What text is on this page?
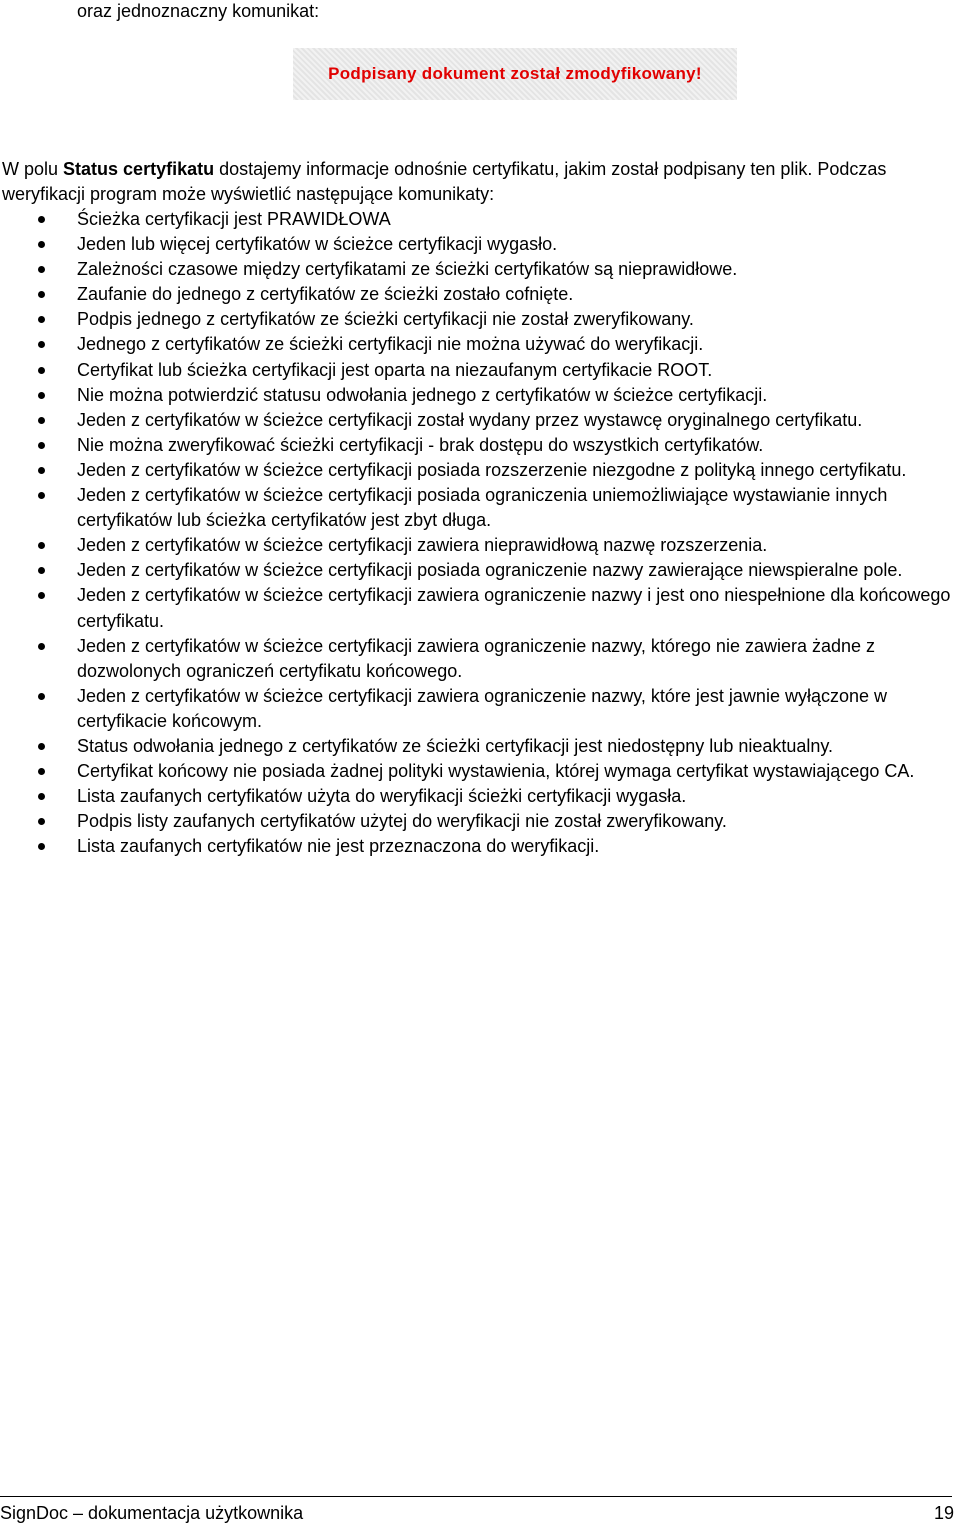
oraz jednoznaczny komunikat:
Podpisany dokument został zmodyfikowany!
W polu Status certyfikatu dostajemy informacje odnośnie certyfikatu, jakim został podpisany ten plik. Podczas weryfikacji program może wyświetlić następujące komunikaty:
Ścieżka certyfikacji jest PRAWIDŁOWA
Jeden lub więcej certyfikatów w ścieżce certyfikacji wygasło.
Zależności czasowe między certyfikatami ze ścieżki certyfikatów są nieprawidłowe.
Zaufanie do jednego z certyfikatów ze ścieżki zostało cofnięte.
Podpis jednego z certyfikatów ze ścieżki certyfikacji nie został zweryfikowany.
Jednego z certyfikatów ze ścieżki certyfikacji nie można używać do weryfikacji.
Certyfikat lub ścieżka certyfikacji jest oparta na niezaufanym certyfikacie ROOT.
Nie można potwierdzić statusu odwołania jednego z certyfikatów w ścieżce certyfikacji.
Jeden z certyfikatów w ścieżce certyfikacji został wydany przez wystawcę oryginalnego certyfikatu.
Nie można zweryfikować ścieżki certyfikacji - brak dostępu do wszystkich certyfikatów.
Jeden z certyfikatów w ścieżce certyfikacji posiada rozszerzenie niezgodne z polityką innego certyfikatu.
Jeden z certyfikatów w ścieżce certyfikacji posiada ograniczenia uniemożliwiające wystawianie innych certyfikatów lub ścieżka certyfikatów jest zbyt długa.
Jeden z certyfikatów w ścieżce certyfikacji zawiera nieprawidłową nazwę rozszerzenia.
Jeden z certyfikatów w ścieżce certyfikacji posiada ograniczenie nazwy zawierające niewspieralne pole.
Jeden z certyfikatów w ścieżce certyfikacji zawiera ograniczenie nazwy i jest ono niespełnione dla końcowego certyfikatu.
Jeden z certyfikatów w ścieżce certyfikacji zawiera ograniczenie nazwy, którego nie zawiera żadne z dozwolonych ograniczeń certyfikatu końcowego.
Jeden z certyfikatów w ścieżce certyfikacji zawiera ograniczenie nazwy, które jest jawnie wyłączone w certyfikacie końcowym.
Status odwołania jednego z certyfikatów ze ścieżki certyfikacji jest niedostępny lub nieaktualny.
Certyfikat końcowy nie posiada żadnej polityki wystawienia, której wymaga certyfikat wystawiającego CA.
Lista zaufanych certyfikatów użyta do weryfikacji ścieżki certyfikacji wygasła.
Podpis listy zaufanych certyfikatów użytej do weryfikacji nie został zweryfikowany.
Lista zaufanych certyfikatów nie jest przeznaczona do weryfikacji.
SignDoc – dokumentacja użytkownika	19
